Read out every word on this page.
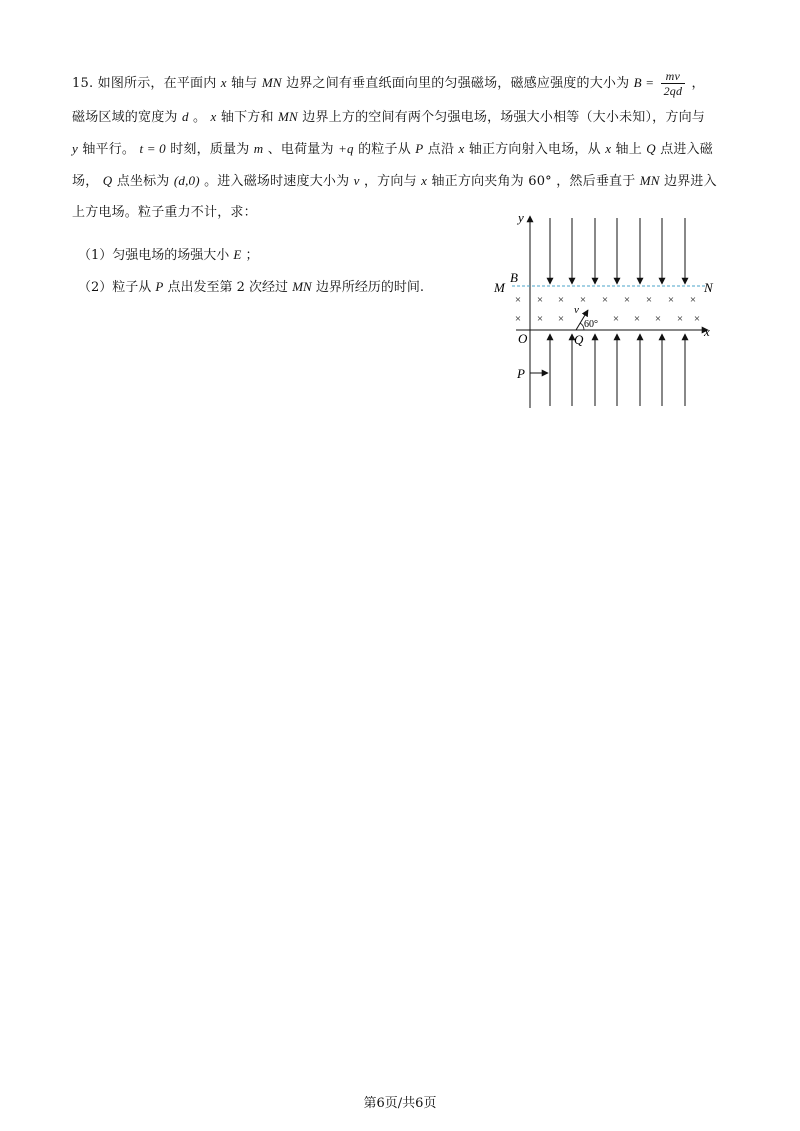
15. 如图所示，在平面内 x 轴与 MN 边界之间有垂直纸面向里的匀强磁场，磁感应强度的大小为 $B = \frac{mv}{2qd}$ ，
磁场区域的宽度为 d 。 x 轴下方和 MN 边界上方的空间有两个匀强电场，场强大小相等（大小未知），方向与
y 轴平行。 t = 0 时刻，质量为 m 、电荷量为 +q 的粒子从 P 点沿 x 轴正方向射入电场，从 x 轴上 Q 点进入磁
场， Q 点坐标为 (d,0) 。进入磁场时速度大小为 v ，方向与 x 轴正方向夹角为 60° ，然后垂直于 MN 边界进入
上方电场。粒子重力不计，求：
（1）匀强电场的场强大小 E ；
（2）粒子从 P 点出发至第 2 次经过 MN 边界所经历的时间.
y
x
M	N
B
× × × × × × × × ×
× × ×	× × × × ×
v
60°
O	Q
P
第6页/共6页
